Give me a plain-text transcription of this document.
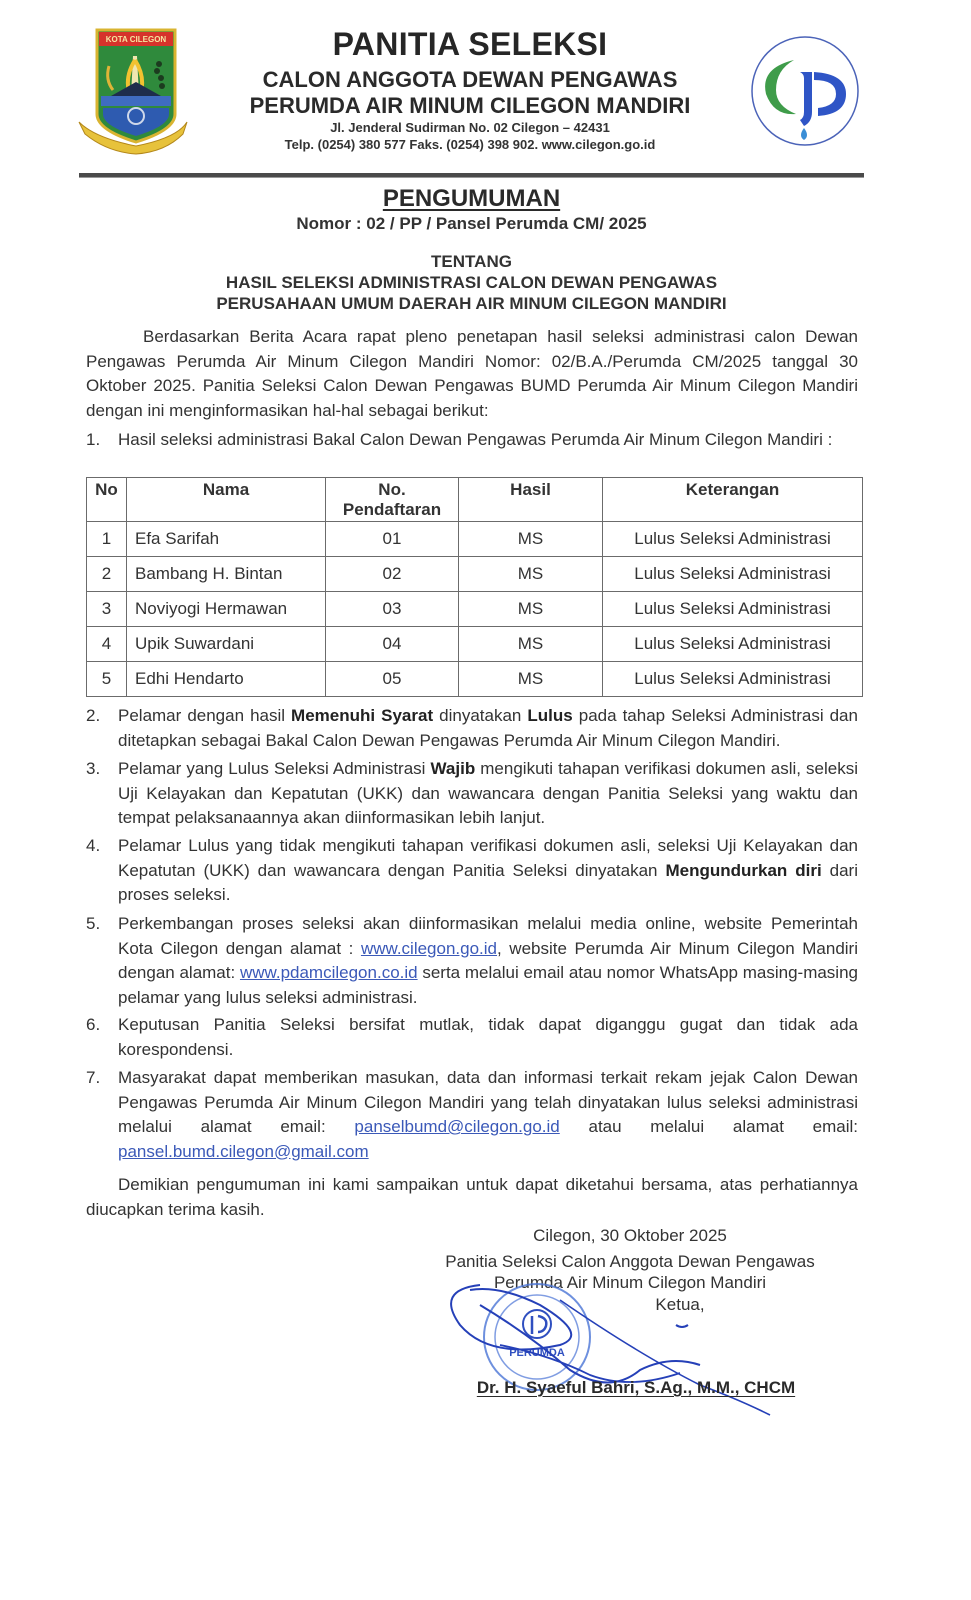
KOTA CILEGON	PANITIA SELEKSI
CALON ANGGOTA DEWAN PENGAWAS
PERUMDA AIR MINUM CILEGON MANDIRI
Jl. Jenderal Sudirman No. 02 Cilegon – 42431
Telp. (0254) 380 577 Faks. (0254) 398 902. www.cilegon.go.id
PENGUMUMAN
Nomor : 02 / PP / Pansel Perumda CM/ 2025
TENTANG
HASIL SELEKSI ADMINISTRASI CALON DEWAN PENGAWAS
PERUSAHAAN UMUM DAERAH AIR MINUM CILEGON MANDIRI
Berdasarkan Berita Acara rapat pleno penetapan hasil seleksi administrasi calon Dewan Pengawas Perumda Air Minum Cilegon Mandiri Nomor: 02/B.A./Perumda CM/2025 tanggal 30 Oktober 2025. Panitia Seleksi Calon Dewan Pengawas BUMD Perumda Air Minum Cilegon Mandiri dengan ini menginformasikan hal-hal sebagai berikut:
1.	Hasil seleksi administrasi Bakal Calon Dewan Pengawas Perumda Air Minum Cilegon Mandiri :
No	Nama	No. Pendaftaran	Hasil	Keterangan
1	Efa Sarifah	01	MS	Lulus Seleksi Administrasi
2	Bambang H. Bintan	02	MS	Lulus Seleksi Administrasi
3	Noviyogi Hermawan	03	MS	Lulus Seleksi Administrasi
4	Upik Suwardani	04	MS	Lulus Seleksi Administrasi
5	Edhi Hendarto	05	MS	Lulus Seleksi Administrasi
2.	Pelamar dengan hasil Memenuhi Syarat dinyatakan Lulus pada tahap Seleksi Administrasi dan ditetapkan sebagai Bakal Calon Dewan Pengawas Perumda Air Minum Cilegon Mandiri.
3.	Pelamar yang Lulus Seleksi Administrasi Wajib mengikuti tahapan verifikasi dokumen asli, seleksi Uji Kelayakan dan Kepatutan (UKK) dan wawancara dengan Panitia Seleksi yang waktu dan tempat pelaksanaannya akan diinformasikan lebih lanjut.
4.	Pelamar Lulus yang tidak mengikuti tahapan verifikasi dokumen asli, seleksi Uji Kelayakan dan Kepatutan (UKK) dan wawancara dengan Panitia Seleksi dinyatakan Mengundurkan diri dari proses seleksi.
5.	Perkembangan proses seleksi akan diinformasikan melalui media online, website Pemerintah Kota Cilegon dengan alamat : www.cilegon.go.id, website Perumda Air Minum Cilegon Mandiri dengan alamat: www.pdamcilegon.co.id serta melalui email atau nomor WhatsApp masing-masing pelamar yang lulus seleksi administrasi.
6.	Keputusan Panitia Seleksi bersifat mutlak, tidak dapat diganggu gugat dan tidak ada korespondensi.
7.	Masyarakat dapat memberikan masukan, data dan informasi terkait rekam jejak Calon Dewan Pengawas Perumda Air Minum Cilegon Mandiri yang telah dinyatakan lulus seleksi administrasi melalui alamat email: panselbumd@cilegon.go.id atau melalui alamat email: pansel.bumd.cilegon@gmail.com
Demikian pengumuman ini kami sampaikan untuk dapat diketahui bersama, atas perhatiannya diucapkan terima kasih.
Cilegon, 30 Oktober 2025
Panitia Seleksi Calon Anggota Dewan Pengawas
Perumda Air Minum Cilegon Mandiri
Ketua,
PERUMDA
Dr. H. Syaeful Bahri, S.Ag., M.M., CHCM
